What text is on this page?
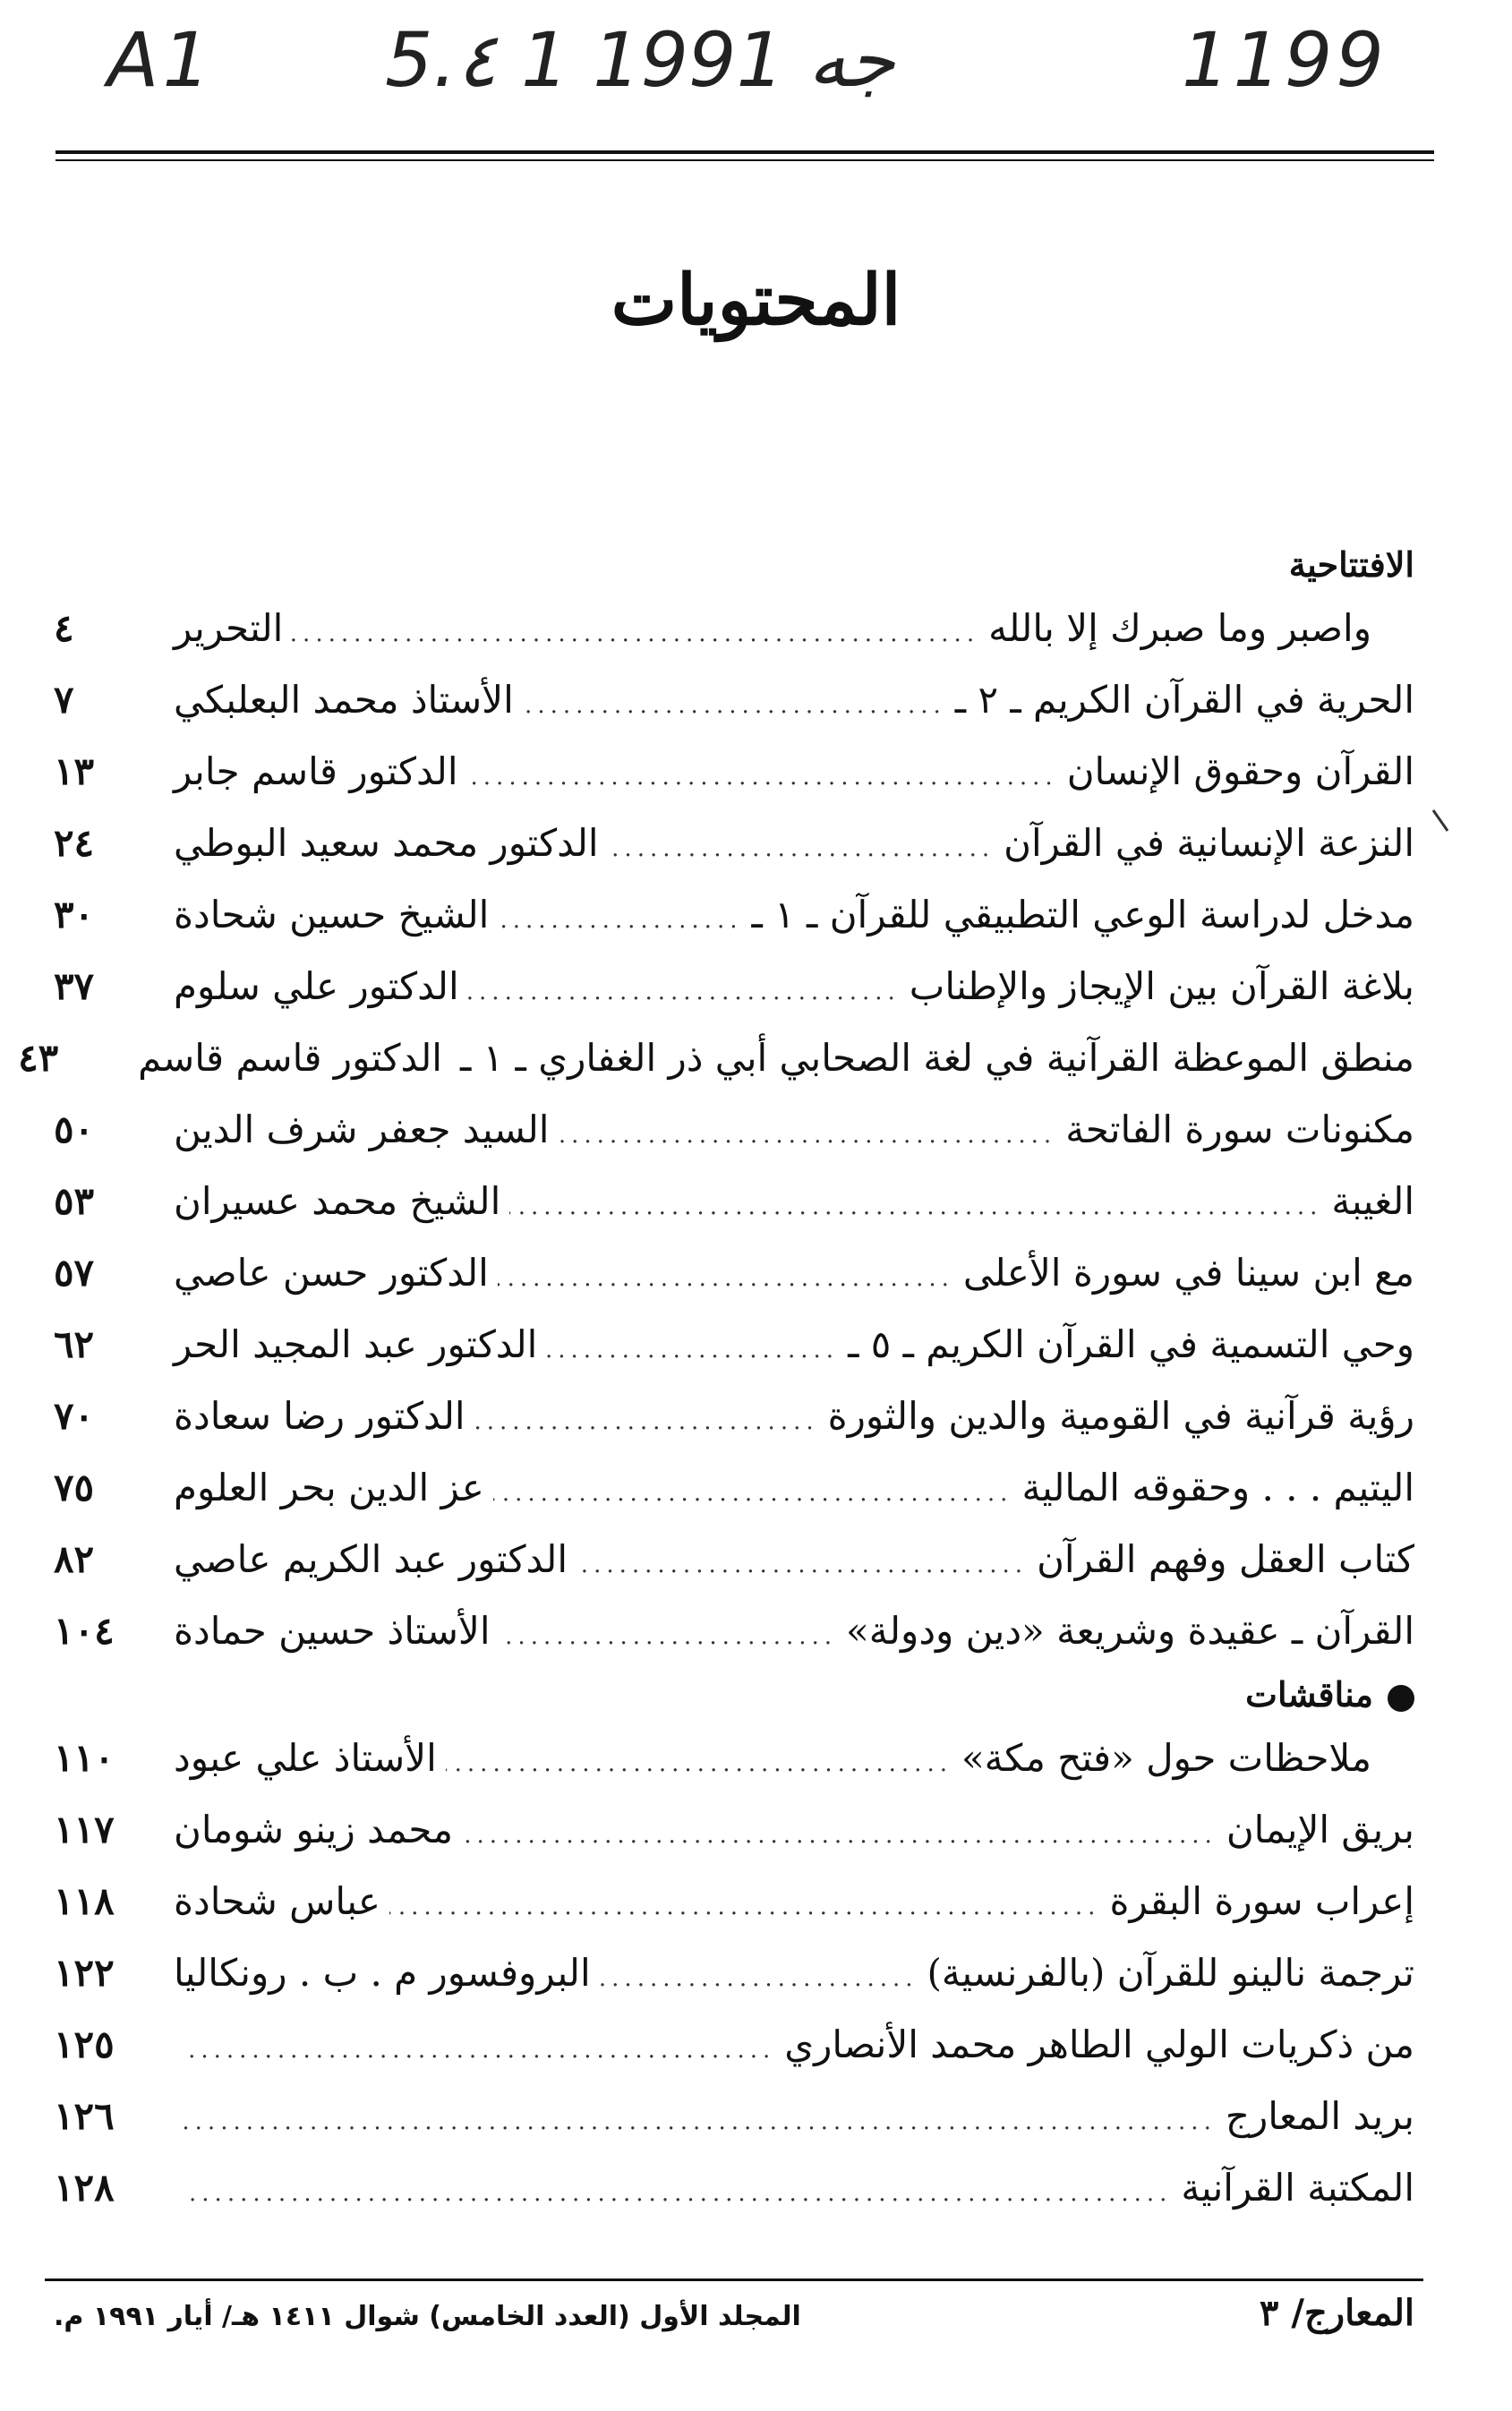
A1 5.٤ 1 ﺟﻪ 1991	1199
المحتويات
الافتتاحية
واصبر وما صبرك إلا بالله
.....
التحرير
٤
الحرية في القرآن الكريم ـ ٢ ـ
.....
الأستاذ محمد البعلبكي
٧
القرآن وحقوق الإنسان
.....
الدكتور قاسم جابر
١٣
النزعة الإنسانية في القرآن
.....
الدكتور محمد سعيد البوطي
٢٤
مدخل لدراسة الوعي التطبيقي للقرآن ـ ١ ـ
.....
الشيخ حسين شحادة
٣٠
بلاغة القرآن بين الإيجاز والإطناب
.....
الدكتور علي سلوم
٣٧
منطق الموعظة القرآنية في لغة الصحابي أبي ذر الغفاري ـ ١ ـ
الدكتور قاسم قاسم
٤٣
مكنونات سورة الفاتحة
.....
السيد جعفر شرف الدين
٥٠
الغيبة
.....
الشيخ محمد عسيران
٥٣
مع ابن سينا في سورة الأعلى
.....
الدكتور حسن عاصي
٥٧
وحي التسمية في القرآن الكريم ـ ٥ ـ
.....
الدكتور عبد المجيد الحر
٦٢
رؤية قرآنية في القومية والدين والثورة
.....
الدكتور رضا سعادة
٧٠
اليتيم . . . وحقوقه المالية
.....
عز الدين بحر العلوم
٧٥
كتاب العقل وفهم القرآن
.....
الدكتور عبد الكريم عاصي
٨٢
القرآن ـ عقيدة وشريعة «دين ودولة»
.....
الأستاذ حسين حمادة
١٠٤
مناقشات
ملاحظات حول «فتح مكة»
.....
الأستاذ علي عبود
١١٠
بريق الإيمان
.....
محمد زينو شومان
١١٧
إعراب سورة البقرة
.....
عباس شحادة
١١٨
ترجمة نالينو للقرآن (بالفرنسية)
.....
البروفسور م . ب . رونكاليا
١٢٢
من ذكريات الولي الطاهر محمد الأنصاري
.....
١٢٥
بريد المعارج
.....
١٢٦
المكتبة القرآنية
.....
١٢٨
المعارج/ ٣
المجلد الأول (العدد الخامس) شوال ١٤١١ هـ/ أيار ١٩٩١ م.
